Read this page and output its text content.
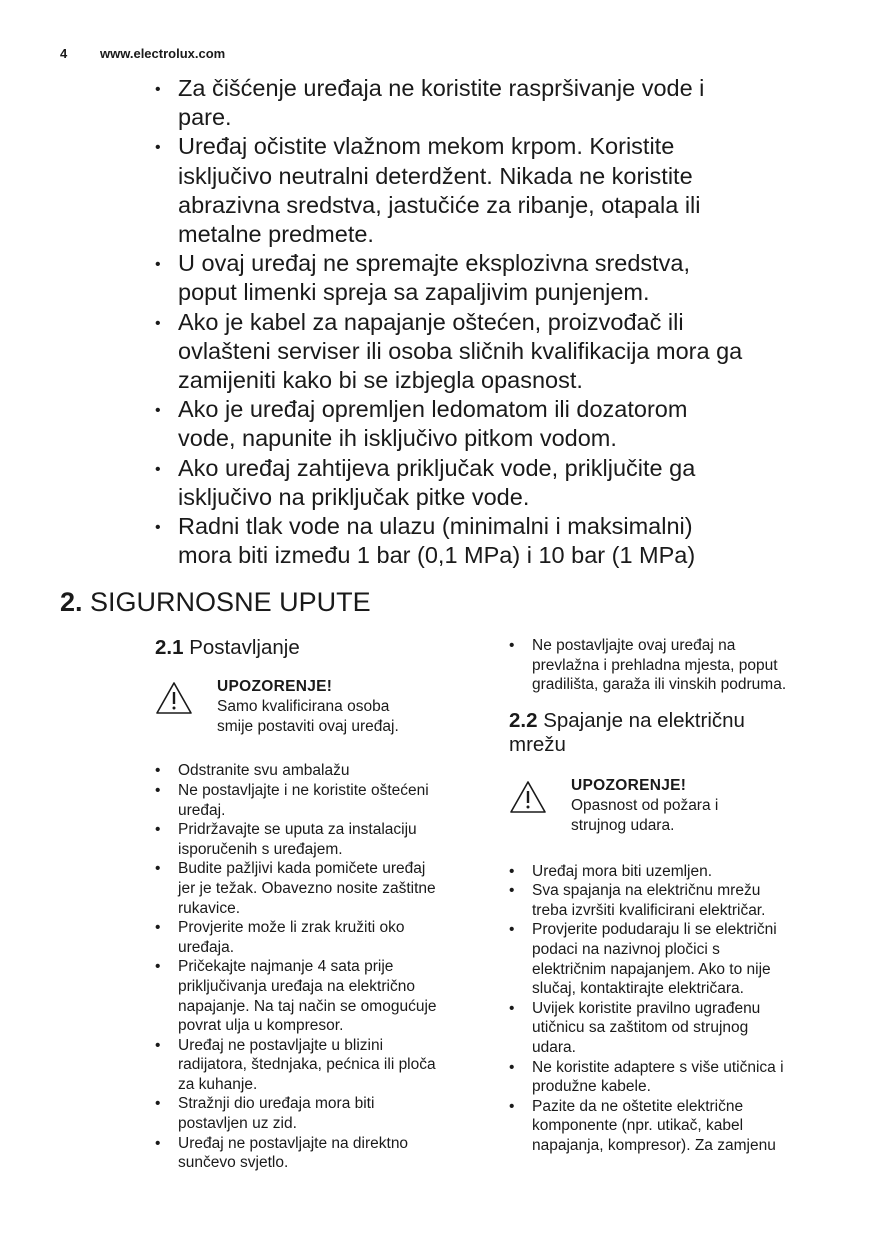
4	www.electrolux.com
• Za čišćenje uređaja ne koristite raspršivanje vode i
pare.
• Uređaj očistite vlažnom mekom krpom. Koristite
isključivo neutralni deterdžent. Nikada ne koristite
abrazivna sredstva, jastučiće za ribanje, otapala ili
metalne predmete.
• U ovaj uređaj ne spremajte eksplozivna sredstva,
poput limenki spreja sa zapaljivim punjenjem.
• Ako je kabel za napajanje oštećen, proizvođač ili
ovlašteni serviser ili osoba sličnih kvalifikacija mora ga
zamijeniti kako bi se izbjegla opasnost.
• Ako je uređaj opremljen ledomatom ili dozatorom
vode, napunite ih isključivo pitkom vodom.
• Ako uređaj zahtijeva priključak vode, priključite ga
isključivo na priključak pitke vode.
• Radni tlak vode na ulazu (minimalni i maksimalni)
mora biti između 1 bar (0,1 MPa) i 10 bar (1 MPa)
2. SIGURNOSNE UPUTE
2.1 Postavljanje
UPOZORENJE!
Samo kvalificirana osoba
smije postaviti ovaj uređaj.
• Odstranite svu ambalažu
• Ne postavljajte i ne koristite oštećeni
uređaj.
• Pridržavajte se uputa za instalaciju
isporučenih s uređajem.
• Budite pažljivi kada pomičete uređaj
jer je težak. Obavezno nosite zaštitne
rukavice.
• Provjerite može li zrak kružiti oko
uređaja.
• Pričekajte najmanje 4 sata prije
priključivanja uređaja na električno
napajanje. Na taj način se omogućuje
povrat ulja u kompresor.
• Uređaj ne postavljajte u blizini
radijatora, štednjaka, pećnica ili ploča
za kuhanje.
• Stražnji dio uređaja mora biti
postavljen uz zid.
• Uređaj ne postavljajte na direktno
sunčevo svjetlo.
• Ne postavljajte ovaj uređaj na
prevlažna i prehladna mjesta, poput
gradilišta, garaža ili vinskih podruma.
2.2 Spajanje na električnu
mrežu
UPOZORENJE!
Opasnost od požara i
strujnog udara.
• Uređaj mora biti uzemljen.
• Sva spajanja na električnu mrežu
treba izvršiti kvalificirani električar.
• Provjerite podudaraju li se električni
podaci na nazivnoj pločici s
električnim napajanjem. Ako to nije
slučaj, kontaktirajte električara.
• Uvijek koristite pravilno ugrađenu
utičnicu sa zaštitom od strujnog
udara.
• Ne koristite adaptere s više utičnica i
produžne kabele.
• Pazite da ne oštetite električne
komponente (npr. utikač, kabel
napajanja, kompresor). Za zamjenu
